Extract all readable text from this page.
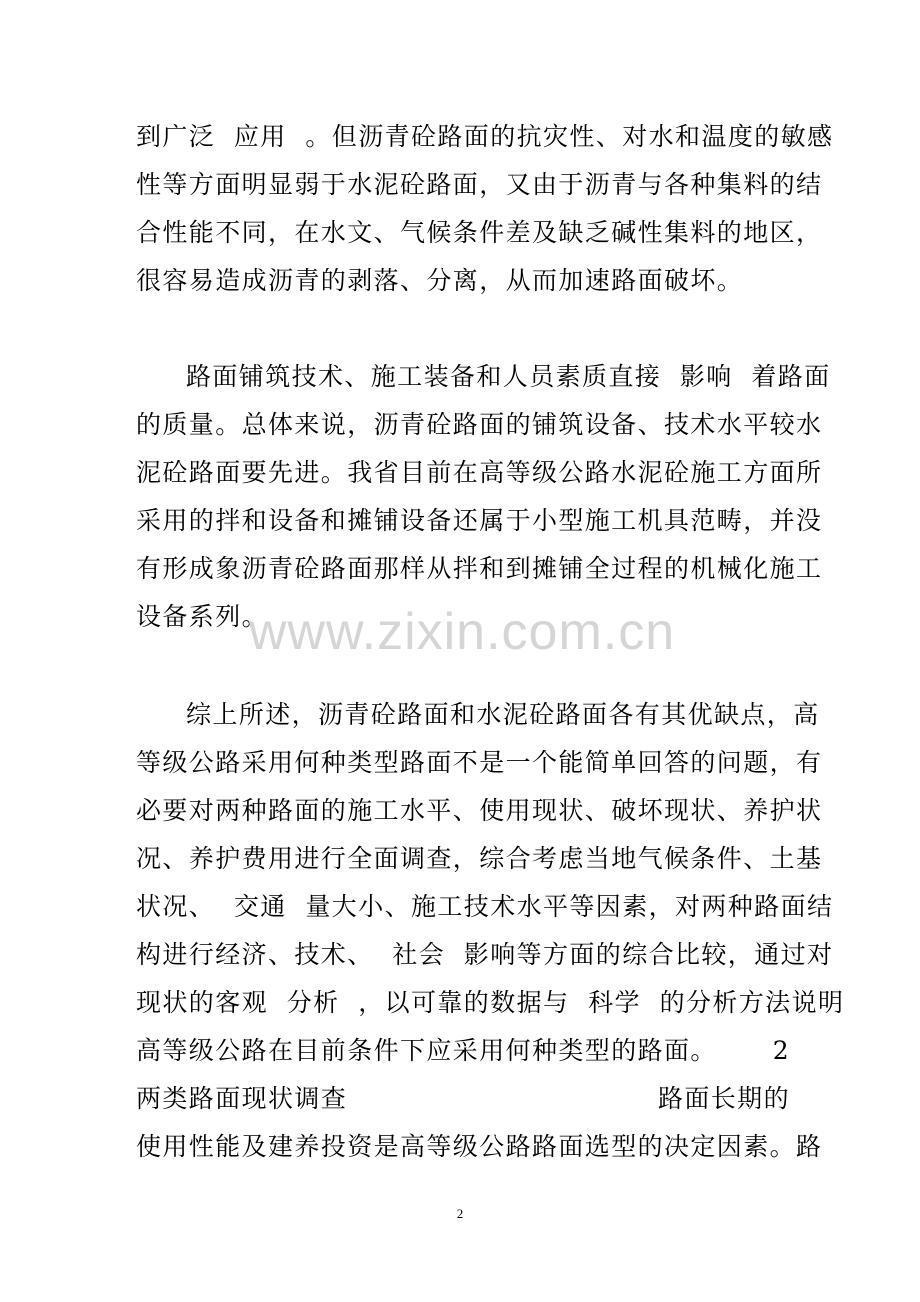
到广泛  应用  。但沥青砼路面的抗灾性、对水和温度的敏感
性等方面明显弱于水泥砼路面，又由于沥青与各种集料的结
合性能不同，在水文、气候条件差及缺乏碱性集料的地区，
很容易造成沥青的剥落、分离，从而加速路面破坏。
路面铺筑技术、施工装备和人员素质直接  影响  着路面
的质量。总体来说，沥青砼路面的铺筑设备、技术水平较水
泥砼路面要先进。我省目前在高等级公路水泥砼施工方面所
采用的拌和设备和摊铺设备还属于小型施工机具范畴，并没
有形成象沥青砼路面那样从拌和到摊铺全过程的机械化施工
设备系列。
综上所述，沥青砼路面和水泥砼路面各有其优缺点，高
等级公路采用何种类型路面不是一个能简单回答的问题，有
必要对两种路面的施工水平、使用现状、破坏现状、养护状
况、养护费用进行全面调查，综合考虑当地气候条件、土基
状况、  交通  量大小、施工技术水平等因素，对两种路面结
构进行经济、技术、  社会  影响等方面的综合比较，通过对
现状的客观  分析  ，以可靠的数据与  科学  的分析方法说明
高等级公路在目前条件下应采用何种类型的路面。 2
两类路面现状调查	路面长期的
使用性能及建养投资是高等级公路路面选型的决定因素。路
www.zixin.com.cn
2
